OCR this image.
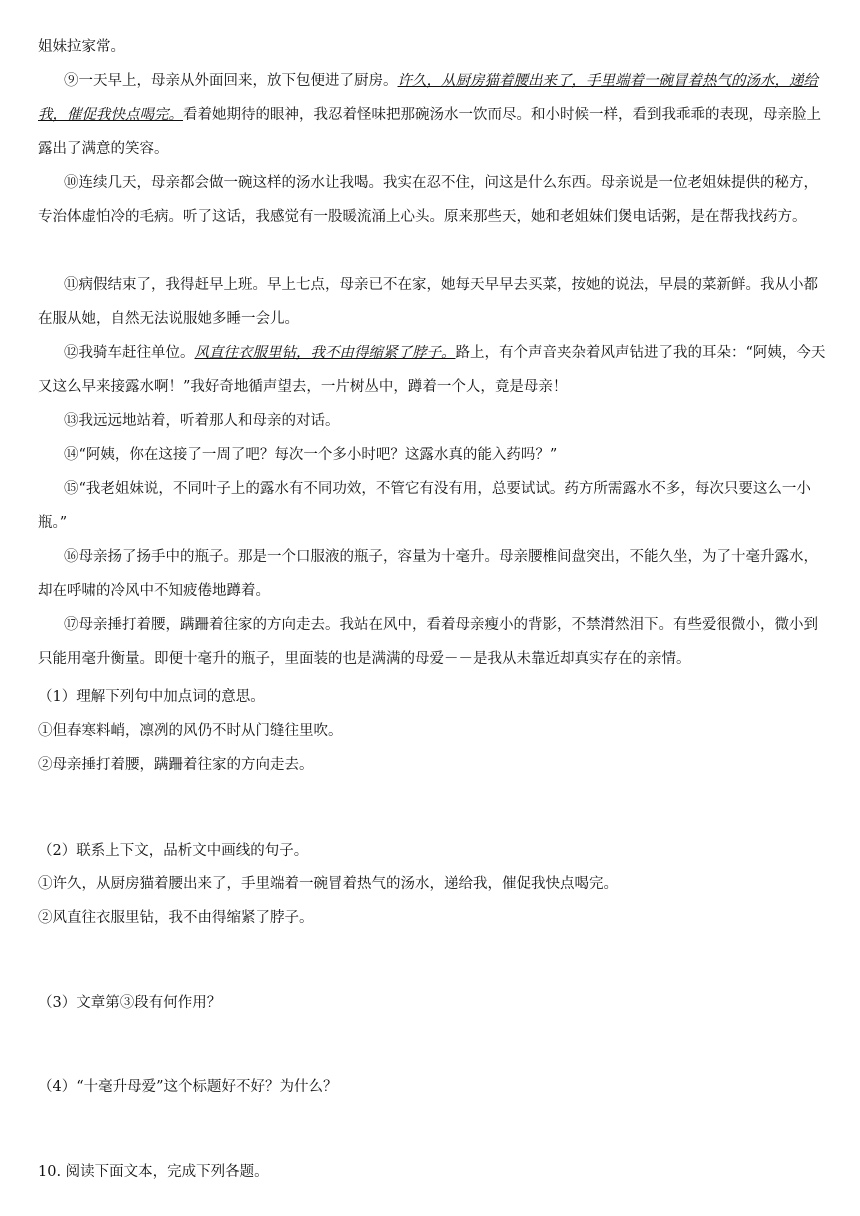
姐妹拉家常。

⑨一天早上，母亲从外面回来，放下包便进了厨房。许久，从厨房猫着腰出来了，手里端着一碗冒着热气的汤水，递给我，催促我快点喝完。看着她期待的眼神，我忍着怪味把那碗汤水一饮而尽。和小时候一样，看到我乖乖的表现，母亲脸上露出了满意的笑容。

⑩连续几天，母亲都会做一碗这样的汤水让我喝。我实在忍不住，问这是什么东西。母亲说是一位老姐妹提供的秘方，专治体虚怕冷的毛病。听了这话，我感觉有一股暖流涌上心头。原来那些天，她和老姐妹们煲电话粥，是在帮我找药方。

⑪病假结束了，我得赶早上班。早上七点，母亲已不在家，她每天早早去买菜，按她的说法，早晨的菜新鲜。我从小都在服从她，自然无法说服她多睡一会儿。

⑫我骑车赶往单位。风直往衣服里钻，我不由得缩紧了脖子。路上，有个声音夹杂着风声钻进了我的耳朵：“阿姨，今天又这么早来接露水啊！”我好奇地循声望去，一片树丛中，蹲着一个人，竟是母亲！

⑬我远远地站着，听着那人和母亲的对话。

⑭“阿姨，你在这接了一周了吧？每次一个多小时吧？这露水真的能入药吗？”

⑮“我老姐妹说，不同叶子上的露水有不同功效，不管它有没有用，总要试试。药方所需露水不多，每次只要这么一小瓶。”

⑯母亲扬了扬手中的瓶子。那是一个口服液的瓶子，容量为十毫升。母亲腰椎间盘突出，不能久坐，为了十毫升露水，却在呼啸的冷风中不知疲倦地蹲着。

⑰母亲捶打着腰，蹒跚着往家的方向走去。我站在风中，看着母亲瘦小的背影，不禁潸然泪下。有些爱很微小，微小到只能用毫升衡量。即便十毫升的瓶子，里面装的也是满满的母爱－－是我从未靠近却真实存在的亲情。

（1）理解下列句中加点词的意思。

①但春寒料峭，凛冽的风仍不时从门缝往里吹。

②母亲捶打着腰，蹒跚着往家的方向走去。

（2）联系上下文，品析文中画线的句子。

①许久，从厨房猫着腰出来了，手里端着一碗冒着热气的汤水，递给我，催促我快点喝完。

②风直往衣服里钻，我不由得缩紧了脖子。

（3）文章第③段有何作用？

（4）“十毫升母爱”这个标题好不好？为什么？

10. 阅读下面文本，完成下列各题。
